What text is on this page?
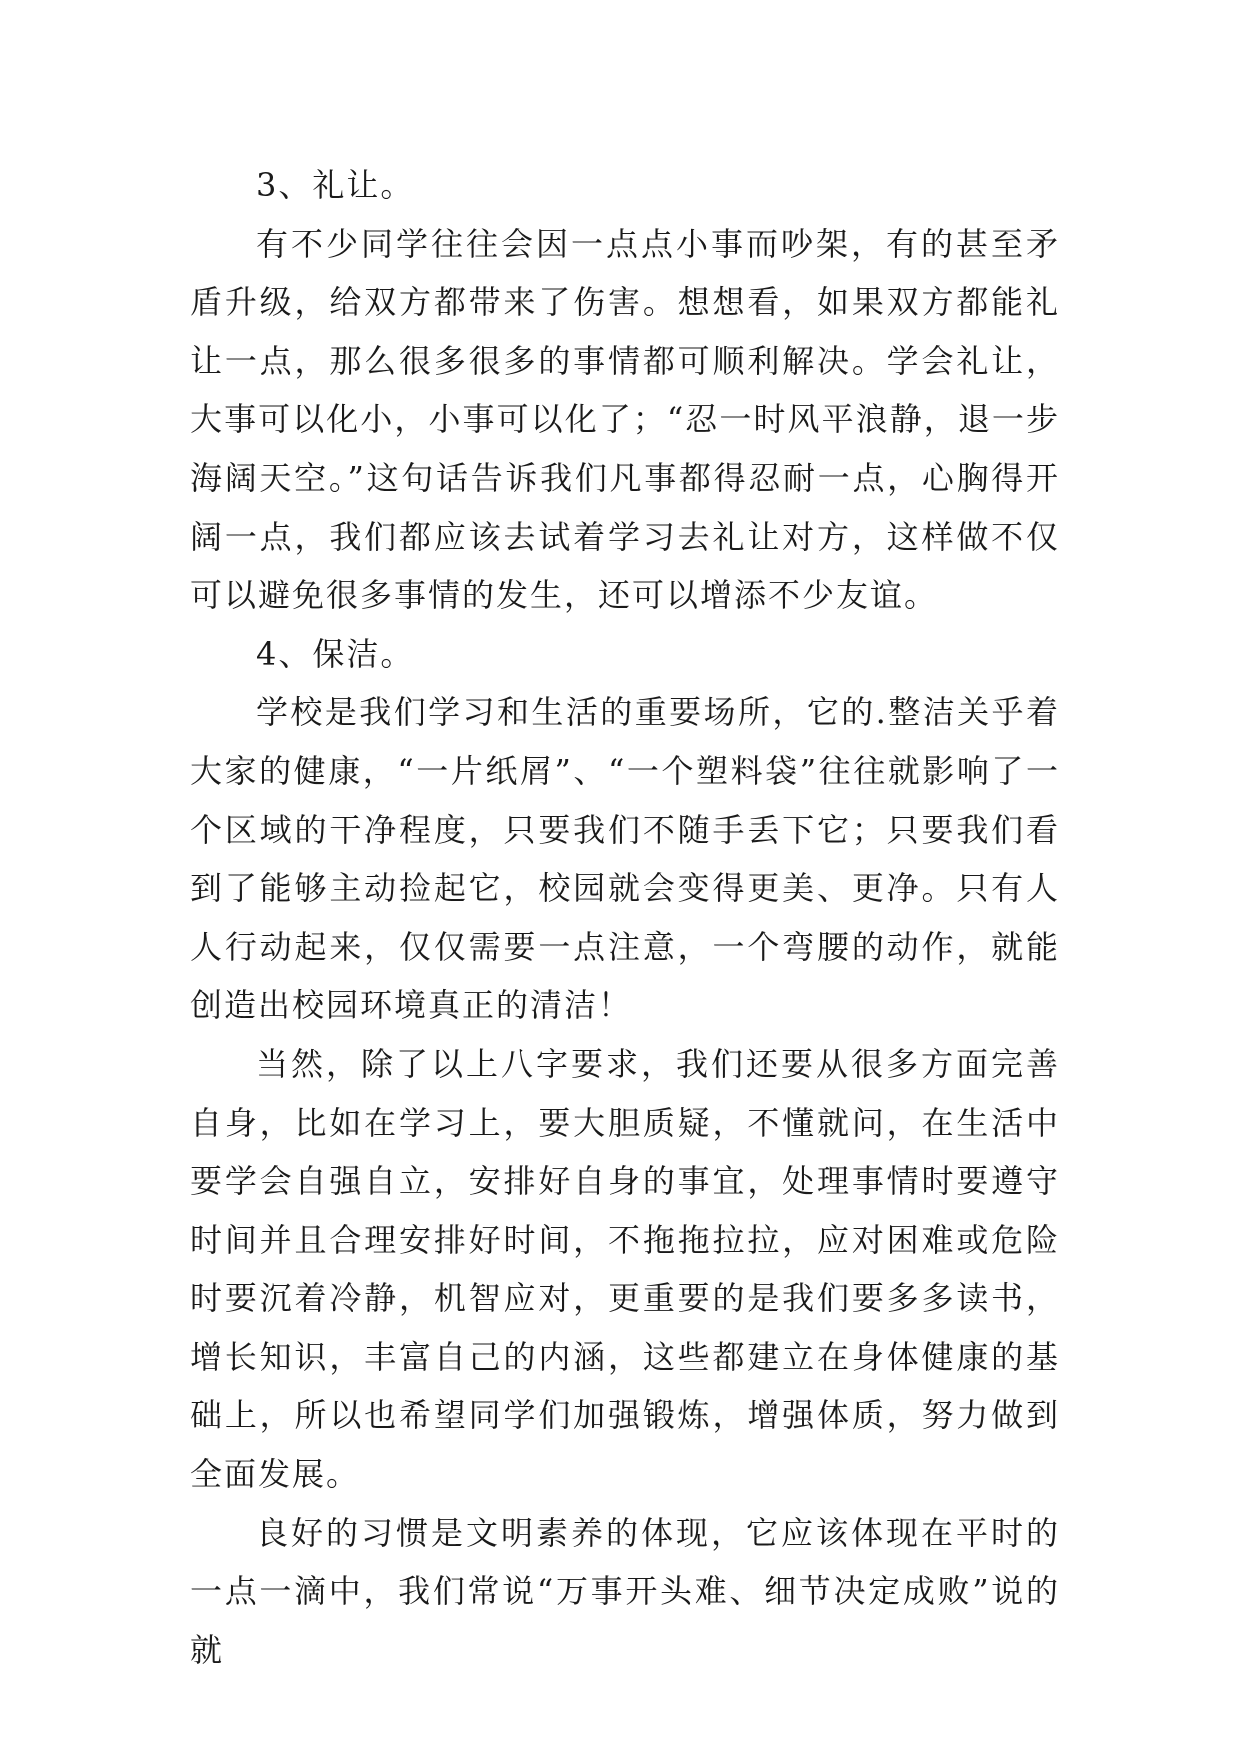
3、礼让。

有不少同学往往会因一点点小事而吵架，有的甚至矛盾升级，给双方都带来了伤害。想想看，如果双方都能礼让一点，那么很多很多的事情都可顺利解决。学会礼让，大事可以化小，小事可以化了；“忍一时风平浪静，退一步海阔天空。”这句话告诉我们凡事都得忍耐一点，心胸得开阔一点，我们都应该去试着学习去礼让对方，这样做不仅可以避免很多事情的发生，还可以增添不少友谊。

4、保洁。

学校是我们学习和生活的重要场所，它的.整洁关乎着大家的健康，“一片纸屑”、“一个塑料袋”往往就影响了一个区域的干净程度，只要我们不随手丢下它；只要我们看到了能够主动捡起它，校园就会变得更美、更净。只有人人行动起来，仅仅需要一点注意，一个弯腰的动作，就能创造出校园环境真正的清洁！

当然，除了以上八字要求，我们还要从很多方面完善自身，比如在学习上，要大胆质疑，不懂就问，在生活中要学会自强自立，安排好自身的事宜，处理事情时要遵守时间并且合理安排好时间，不拖拖拉拉，应对困难或危险时要沉着冷静，机智应对，更重要的是我们要多多读书，增长知识，丰富自己的内涵，这些都建立在身体健康的基础上，所以也希望同学们加强锻炼，增强体质，努力做到全面发展。

良好的习惯是文明素养的体现，它应该体现在平时的一点一滴中，我们常说“万事开头难、细节决定成败”说的就
